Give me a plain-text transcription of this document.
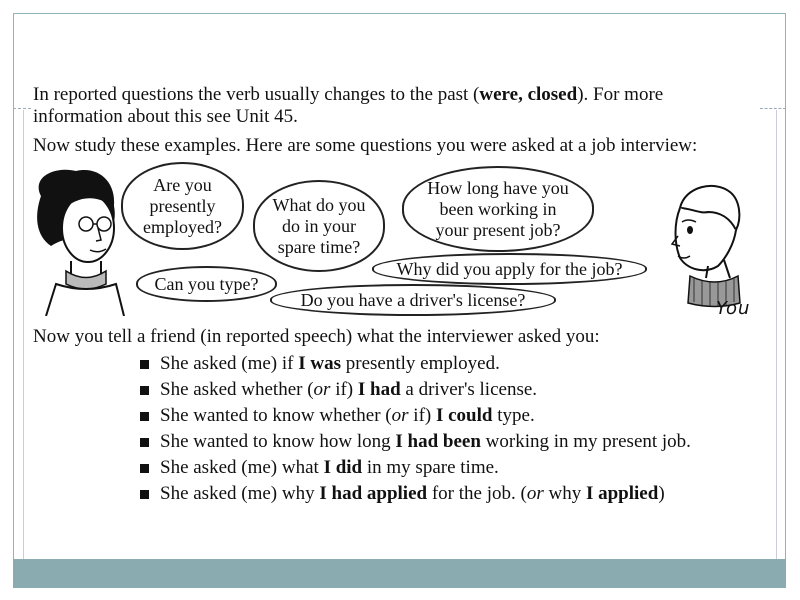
In reported questions the verb usually changes to the past (were, closed). For more
information about this see Unit 45.
Now study these examples. Here are some questions you were asked at a job interview:
You
Are you
presently
employed?
What do you
do in your
spare time?
How long have you
been working in
your present job?
Why did you apply for the job?
Can you type?
Do you have a driver's license?
Now you tell a friend (in reported speech) what the interviewer asked you:
She asked (me) if I was presently employed.
She asked whether (or if) I had a driver's license.
She wanted to know whether (or if) I could type.
She wanted to know how long I had been working in my present job.
She asked (me) what I did in my spare time.
She asked (me) why I had applied for the job. (or why I applied)
